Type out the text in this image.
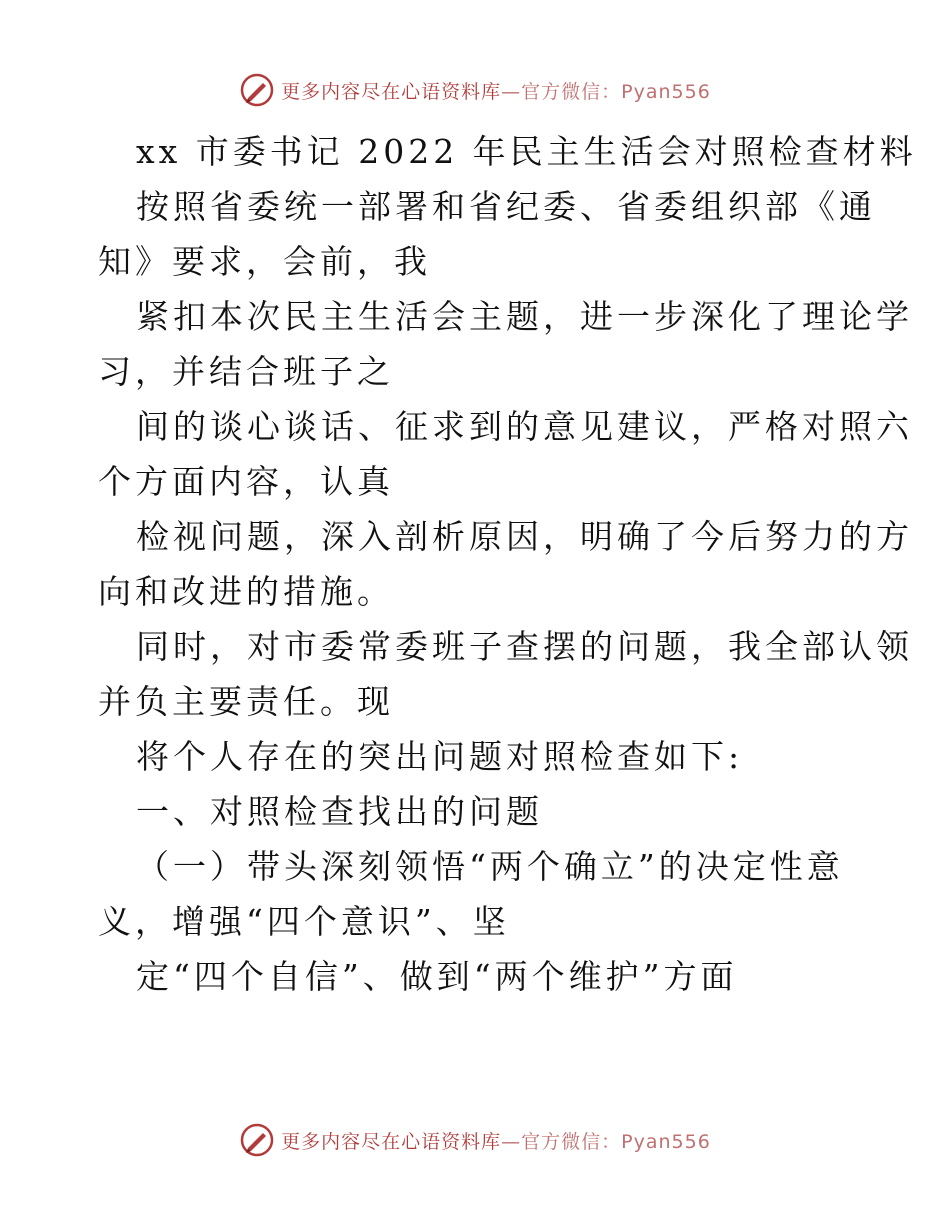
更多内容尽在心语资料库 —官方微信：Pyan556
xx 市委书记 2022 年民主生活会对照检查材料
按照省委统一部署和省纪委、省委组织部《通
知》要求，会前，我
紧扣本次民主生活会主题，进一步深化了理论学
习，并结合班子之
间的谈心谈话、征求到的意见建议，严格对照六
个方面内容，认真
检视问题，深入剖析原因，明确了今后努力的方
向和改进的措施。
同时，对市委常委班子查摆的问题，我全部认领
并负主要责任。现
将个人存在的突出问题对照检查如下:
一、对照检查找出的问题
（一）带头深刻领悟“两个确立”的决定性意
义，增强“四个意识”、坚
定“四个自信”、做到“两个维护”方面
更多内容尽在心语资料库 —官方微信：Pyan556
